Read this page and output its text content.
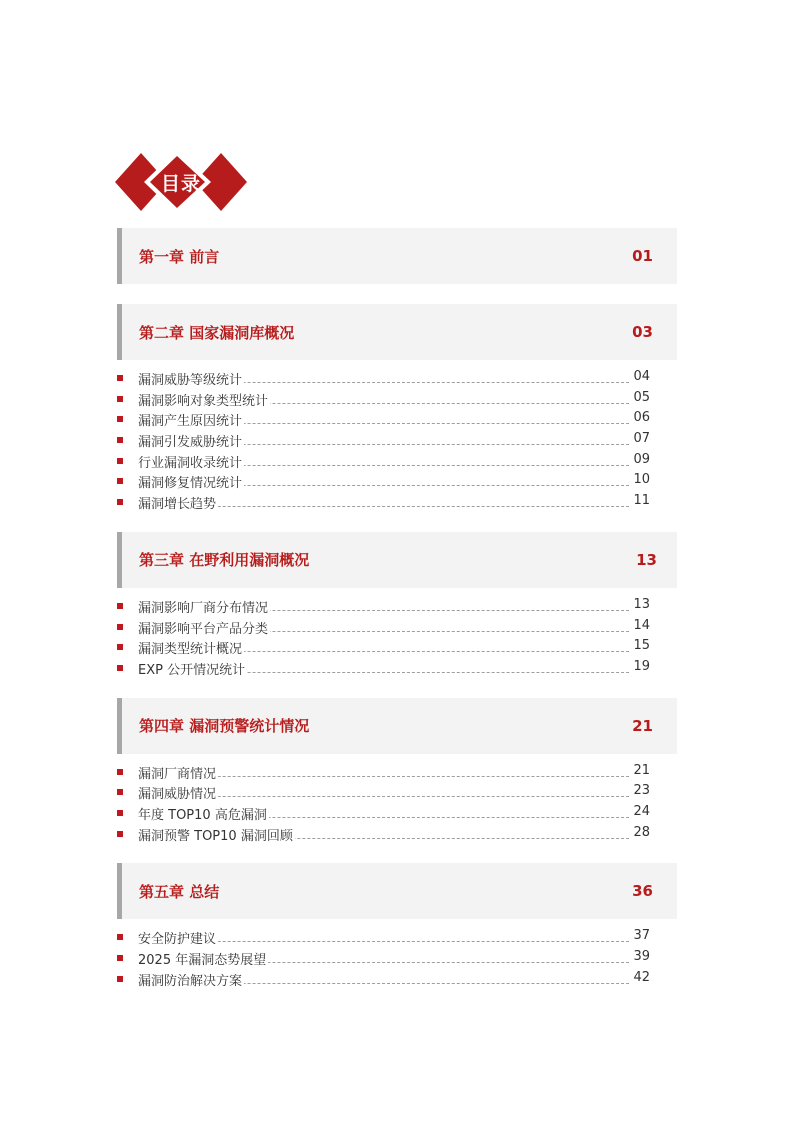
目录
第一章 前言	01
第二章 国家漏洞库概况	03
漏洞威胁等级统计	04
漏洞影响对象类型统计	05
漏洞产生原因统计	06
漏洞引发威胁统计	07
行业漏洞收录统计	09
漏洞修复情况统计	10
漏洞增长趋势	11
第三章 在野利用漏洞概况	13
漏洞影响厂商分布情况	13
漏洞影响平台产品分类	14
漏洞类型统计概况	15
EXP 公开情况统计	19
第四章 漏洞预警统计情况	21
漏洞厂商情况	21
漏洞威胁情况	23
年度 TOP10 高危漏洞	24
漏洞预警 TOP10 漏洞回顾	28
第五章 总结	36
安全防护建议	37
2025 年漏洞态势展望	39
漏洞防治解决方案	42
